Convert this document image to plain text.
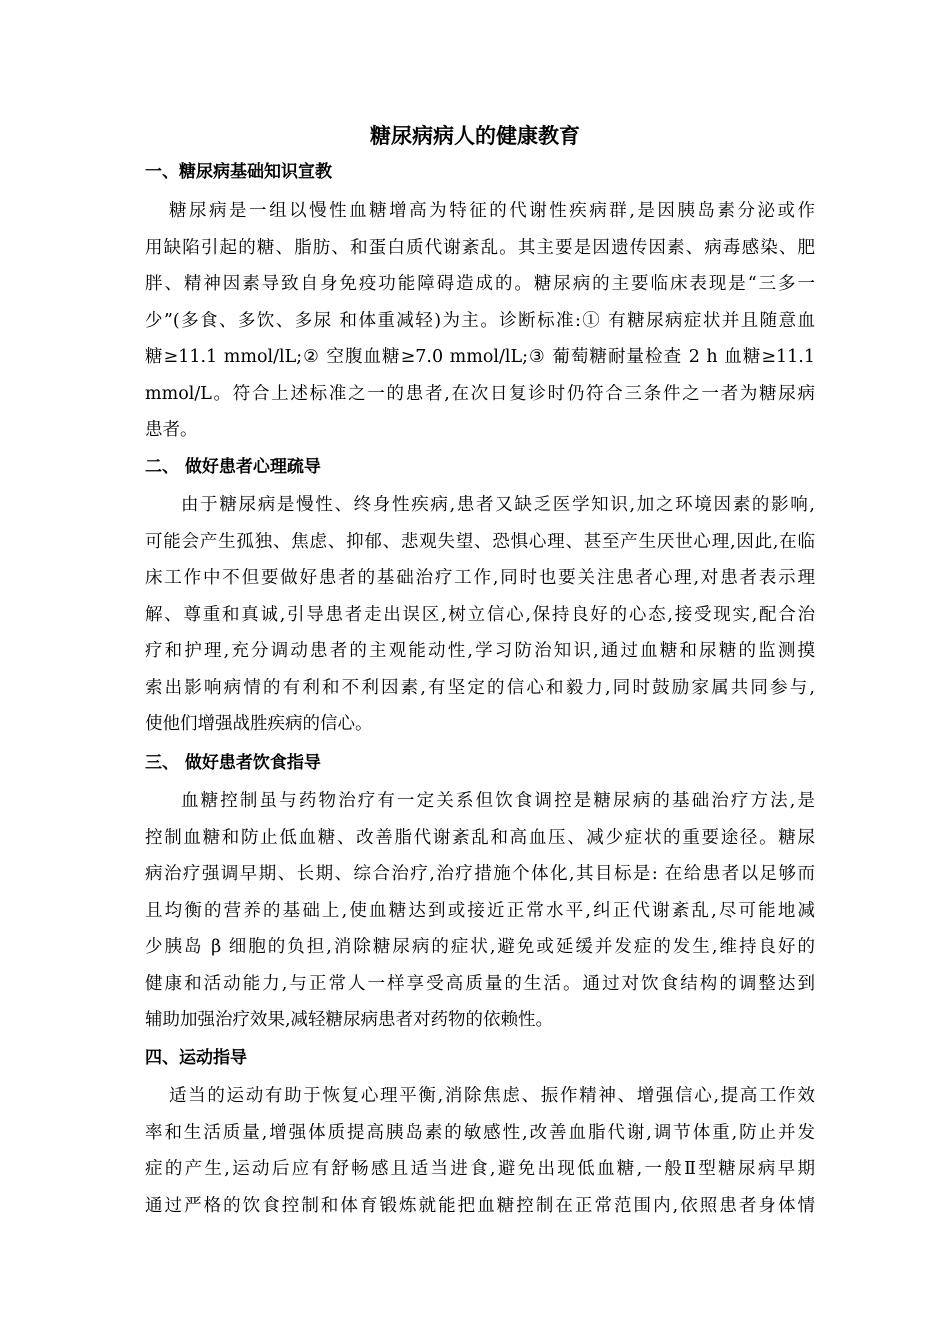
糖尿病病人的健康教育
一、糖尿病基础知识宣教

糖尿病是一组以慢性血糖增高为特征的代谢性疾病群,是因胰岛素分泌或作
用缺陷引起的糖、脂肪、和蛋白质代谢紊乱。其主要是因遗传因素、病毒感染、肥
胖、精神因素导致自身免疫功能障碍造成的。糖尿病的主要临床表现是“三多一
少”(多食、多饮、多尿 和体重减轻)为主。诊断标准:① 有糖尿病症状并且随意血
糖≥11.1 mmol/lL;② 空腹血糖≥7.0 mmol/lL;③ 葡萄糖耐量检查 2 h 血糖≥11.1
mmol/L。符合上述标准之一的患者,在次日复诊时仍符合三条件之一者为糖尿病
患者。

二、 做好患者心理疏导

由于糖尿病是慢性、终身性疾病,患者又缺乏医学知识,加之环境因素的影响,
可能会产生孤独、焦虑、抑郁、悲观失望、恐惧心理、甚至产生厌世心理,因此,在临
床工作中不但要做好患者的基础治疗工作,同时也要关注患者心理,对患者表示理
解、尊重和真诚,引导患者走出误区,树立信心,保持良好的心态,接受现实,配合治
疗和护理,充分调动患者的主观能动性,学习防治知识,通过血糖和尿糖的监测摸
索出影响病情的有利和不利因素,有坚定的信心和毅力,同时鼓励家属共同参与,
使他们增强战胜疾病的信心。

三、 做好患者饮食指导

血糖控制虽与药物治疗有一定关系但饮食调控是糖尿病的基础治疗方法,是
控制血糖和防止低血糖、改善脂代谢紊乱和高血压、减少症状的重要途径。糖尿
病治疗强调早期、长期、综合治疗,治疗措施个体化,其目标是: 在给患者以足够而
且均衡的营养的基础上,使血糖达到或接近正常水平,纠正代谢紊乱,尽可能地减
少胰岛 β 细胞的负担,消除糖尿病的症状,避免或延缓并发症的发生,维持良好的
健康和活动能力,与正常人一样享受高质量的生活。通过对饮食结构的调整达到
辅助加强治疗效果,减轻糖尿病患者对药物的依赖性。

四、运动指导

适当的运动有助于恢复心理平衡,消除焦虑、振作精神、增强信心,提高工作效
率和生活质量,增强体质提高胰岛素的敏感性,改善血脂代谢,调节体重,防止并发
症的产生,运动后应有舒畅感且适当进食,避免出现低血糖,一般Ⅱ型糖尿病早期
通过严格的饮食控制和体育锻炼就能把血糖控制在正常范围内,依照患者身体情
